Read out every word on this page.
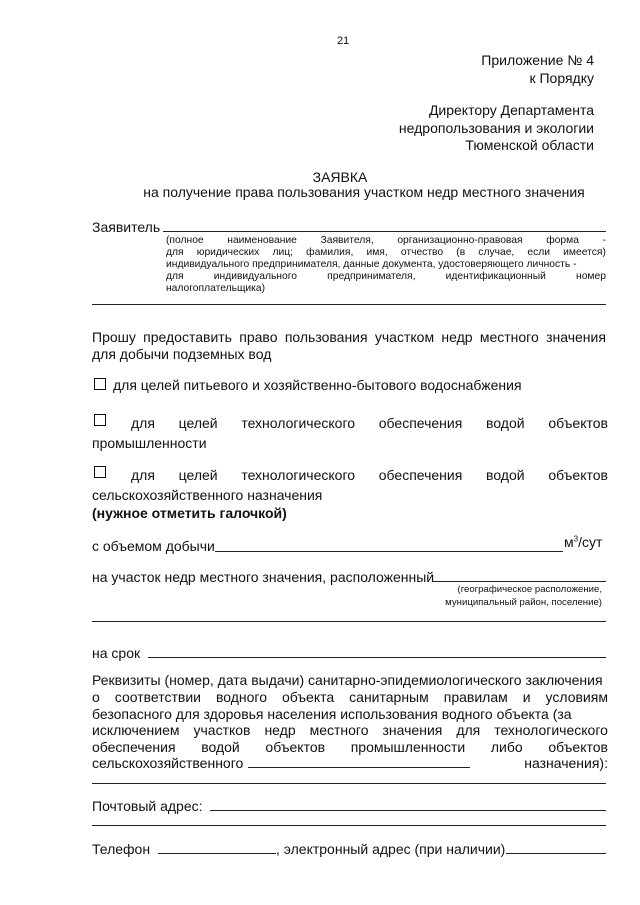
21
Приложение № 4
к Порядку
Директору Департамента
недропользования и экологии
Тюменской области
ЗАЯВКА
на получение права пользования участком недр местного значения
Заявитель
(полное наименование Заявителя, организационно-правовая форма -
для юридических лиц; фамилия, имя, отчество (в случае, если имеется)
индивидуального предпринимателя, данные документа, удостоверяющего личность -
для	индивидуального	предпринимателя,	идентификационный	номер
налогоплательщика)
Прошу предоставить право пользования участком недр местного значения
для добычи подземных вод
для целей питьевого и хозяйственно-бытового водоснабжения
для целей технологического обеспечения водой объектов
промышленности
для целей технологического обеспечения водой объектов
сельскохозяйственного назначения
(нужное отметить галочкой)
с объемом добычи	$м^3$/сут
на участок недр местного значения, расположенный
(географическое расположение,
муниципальный район, поселение)
на срок
Реквизиты (номер, дата выдачи) санитарно-эпидемиологического заключения
о соответствии водного объекта санитарным правилам и условиям
безопасного для здоровья населения использования водного объекта (за
исключением участков недр местного значения для технологического
обеспечения водой объектов промышленности либо объектов
сельскохозяйственного	назначения):
Почтовый адрес:
Телефон	, электронный адрес (при наличии)
